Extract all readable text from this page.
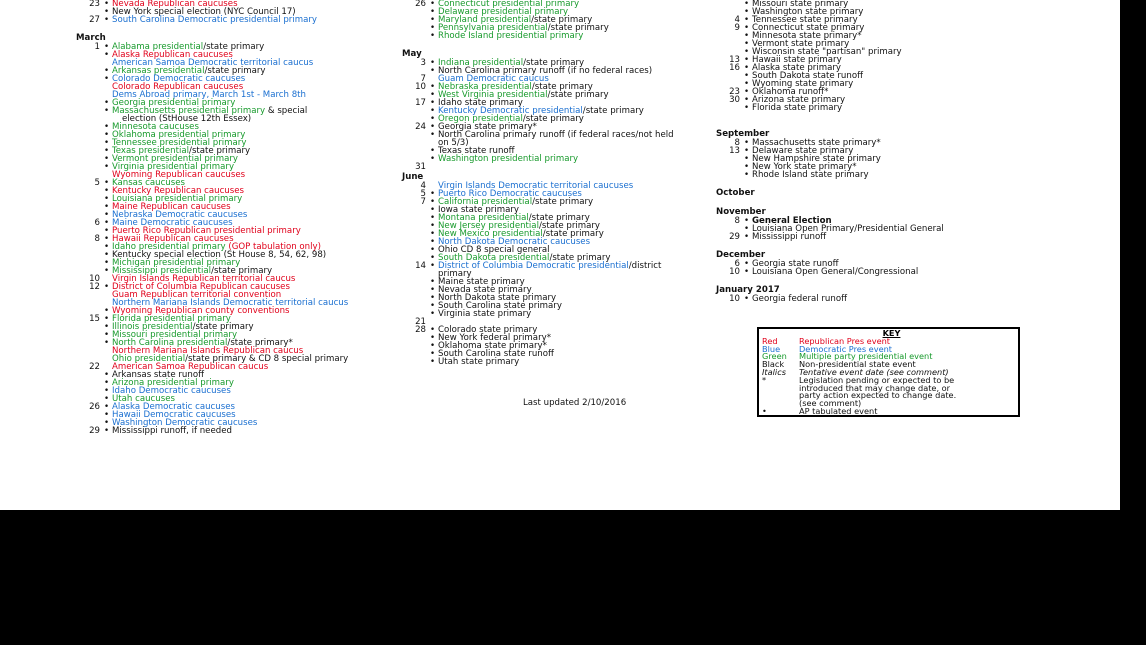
23 • Nevada Republican caucuses
• New York special election (NYC Council 17)
27 • South Carolina Democratic presidential primary
March
1 • Alabama presidential/state primary
• Alaska Republican caucuses
American Samoa Democratic territorial caucus
• Arkansas presidential/state primary
• Colorado Democratic caucuses
Colorado Republican caucuses
Dems Abroad primary, March 1st - March 8th
• Georgia presidential primary
• Massachusetts presidential primary & special
election (StHouse 12th Essex)
• Minnesota caucuses
• Oklahoma presidential primary
• Tennessee presidential primary
• Texas presidential/state primary
• Vermont presidential primary
• Virginia presidential primary
Wyoming Republican caucuses
5 • Kansas caucuses
• Kentucky Republican caucuses
• Louisiana presidential primary
• Maine Republican caucuses
• Nebraska Democratic caucuses
6 • Maine Democratic caucuses
• Puerto Rico Republican presidential primary
8 • Hawaii Republican caucuses
• Idaho presidential primary (GOP tabulation only)
• Kentucky special election (St House 8, 54, 62, 98)
• Michigan presidential primary
• Mississippi presidential/state primary
10 Virgin Islands Republican territorial caucus
12 • District of Columbia Republican caucuses
Guam Republican territorial convention
Northern Mariana Islands Democratic territorial caucus
• Wyoming Republican county conventions
15 • Florida presidential primary
• Illinois presidential/state primary
• Missouri presidential primary
• North Carolina presidential/state primary*
Northern Mariana Islands Republican caucus
Ohio presidential/state primary & CD 8 special primary
22 American Samoa Republican caucus
• Arkansas state runoff
• Arizona presidential primary
• Idaho Democratic caucuses
• Utah caucuses
26 • Alaska Democratic caucuses
• Hawaii Democratic caucuses
• Washington Democratic caucuses
29 • Mississippi runoff, if needed
26 • Connecticut presidential primary
• Delaware presidential primary
• Maryland presidential/state primary
• Pennsylvania presidential/state primary
• Rhode Island presidential primary
May
3 • Indiana presidential/state primary
• North Carolina primary runoff (if no federal races)
7 Guam Democratic caucus
10 • Nebraska presidential/state primary
• West Virginia presidential/state primary
17 • Idaho state primary
• Kentucky Democratic presidential/state primary
• Oregon presidential/state primary
24 • Georgia state primary*
• North Carolina primary runoff (if federal races/not held
on 5/3)
• Texas state runoff
• Washington presidential primary
31
June
4 Virgin Islands Democratic territorial caucuses
5 • Puerto Rico Democratic caucuses
7 • California presidential/state primary
• Iowa state primary
• Montana presidential/state primary
• New Jersey presidential/state primary
• New Mexico presidential/state primary
• North Dakota Democratic caucuses
• Ohio CD 8 special general
• South Dakota presidential/state primary
14 • District of Columbia Democratic presidential/district
primary
• Maine state primary
• Nevada state primary
• North Dakota state primary
• South Carolina state primary
• Virginia state primary
21
28 • Colorado state primary
• New York federal primary*
• Oklahoma state primary*
• South Carolina state runoff
• Utah state primary
• Missouri state primary
• Washington state primary
4 • Tennessee state primary
9 • Connecticut state primary
• Minnesota state primary*
• Vermont state primary
• Wisconsin state "partisan" primary
13 • Hawaii state primary
16 • Alaska state primary
• South Dakota state runoff
• Wyoming state primary
23 • Oklahoma runoff*
30 • Arizona state primary
• Florida state primary
September
8 • Massachusetts state primary*
13 • Delaware state primary
• New Hampshire state primary
• New York state primary*
• Rhode Island state primary
October
November
8 • General Election
• Louisiana Open Primary/Presidential General
29 • Mississippi runoff
December
6 • Georgia state runoff
10 • Louisiana Open General/Congressional
January 2017
10 • Georgia federal runoff
Last updated 2/10/2016
KEY
Red	Republican Pres event
Blue Democratic Pres event
Green Multiple party presidential event
Black Non-presidential state event
Italics Tentative event date (see comment)
*	Legislation pending or expected to be
introduced that may change date, or
party action expected to change date.
(see comment)
•	AP tabulated event
